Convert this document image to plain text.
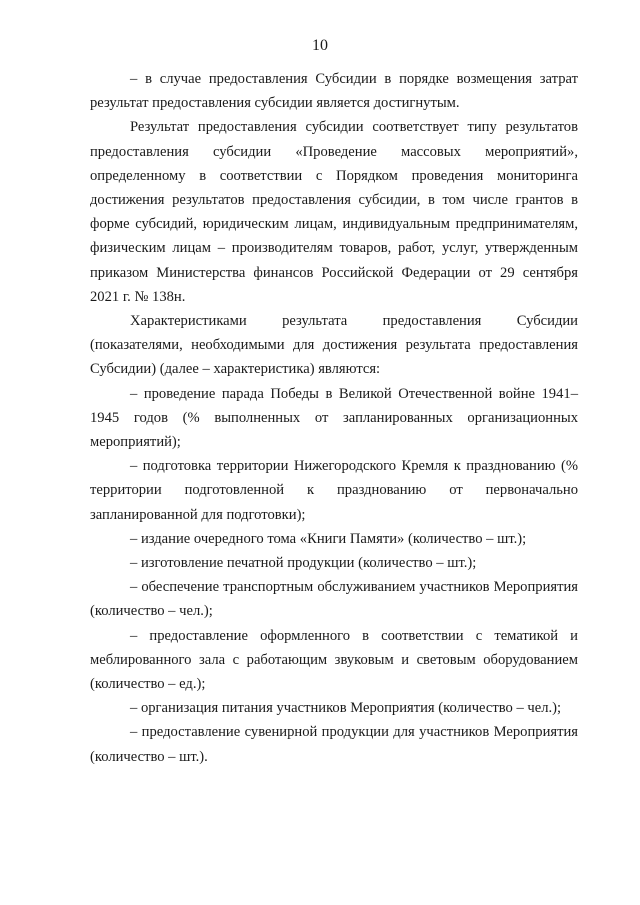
10

– в случае предоставления Субсидии в порядке возмещения затрат результат предоставления субсидии является достигнутым.

Результат предоставления субсидии соответствует типу результатов предоставления субсидии «Проведение массовых мероприятий», определенному в соответствии с Порядком проведения мониторинга достижения результатов предоставления субсидии, в том числе грантов в форме субсидий, юридическим лицам, индивидуальным предпринимателям, физическим лицам – производителям товаров, работ, услуг, утвержденным приказом Министерства финансов Российской Федерации от 29 сентября 2021 г. № 138н.

Характеристиками результата предоставления Субсидии (показателями, необходимыми для достижения результата предоставления Субсидии) (далее – характеристика) являются:

– проведение парада Победы в Великой Отечественной войне 1941–1945 годов (% выполненных от запланированных организационных мероприятий);

– подготовка территории Нижегородского Кремля к празднованию (% территории подготовленной к празднованию от первоначально запланированной для подготовки);

– издание очередного тома «Книги Памяти» (количество – шт.);

– изготовление печатной продукции (количество – шт.);

– обеспечение транспортным обслуживанием участников Мероприятия (количество – чел.);

– предоставление оформленного в соответствии с тематикой и меблированного зала с работающим звуковым и световым оборудованием (количество – ед.);

– организация питания участников Мероприятия (количество – чел.);

– предоставление сувенирной продукции для участников Мероприятия (количество – шт.).
